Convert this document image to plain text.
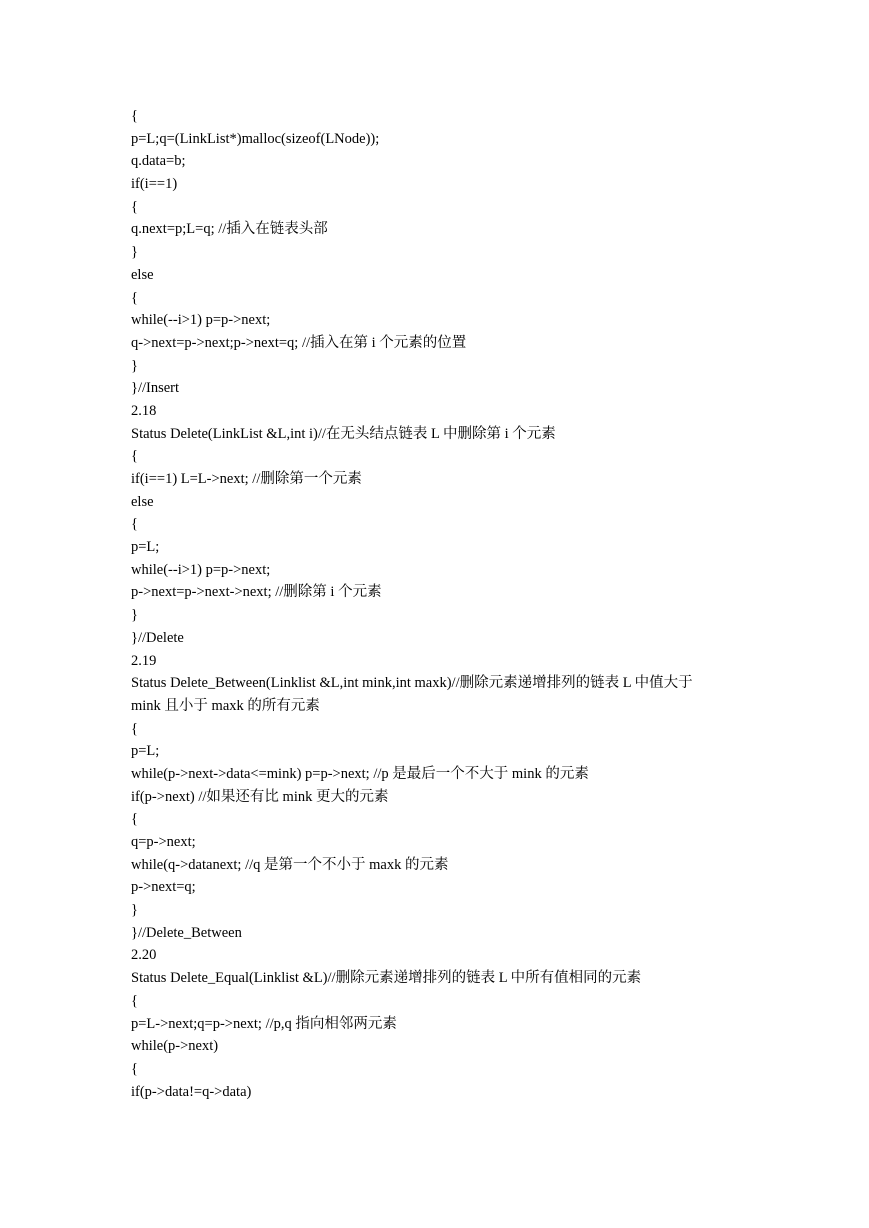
{
p=L;q=(LinkList*)malloc(sizeof(LNode));
q.data=b;
if(i==1)
{
q.next=p;L=q; //插入在链表头部
}
else
{
while(--i>1) p=p->next;
q->next=p->next;p->next=q; //插入在第 i 个元素的位置
}
}//Insert
2.18
Status Delete(LinkList &L,int i)//在无头结点链表 L 中删除第 i 个元素
{
if(i==1) L=L->next; //删除第一个元素
else
{
p=L;
while(--i>1) p=p->next;
p->next=p->next->next; //删除第 i 个元素
}
}//Delete
2.19
Status Delete_Between(Linklist &L,int mink,int maxk)//删除元素递增排列的链表 L 中值大于
mink 且小于 maxk 的所有元素
{
p=L;
while(p->next->data<=mink) p=p->next; //p 是最后一个不大于 mink 的元素
if(p->next) //如果还有比 mink 更大的元素
{
q=p->next;
while(q->datanext; //q 是第一个不小于 maxk 的元素
p->next=q;
}
}//Delete_Between
2.20
Status Delete_Equal(Linklist &L)//删除元素递增排列的链表 L 中所有值相同的元素
{
p=L->next;q=p->next; //p,q 指向相邻两元素
while(p->next)
{
if(p->data!=q->data)
